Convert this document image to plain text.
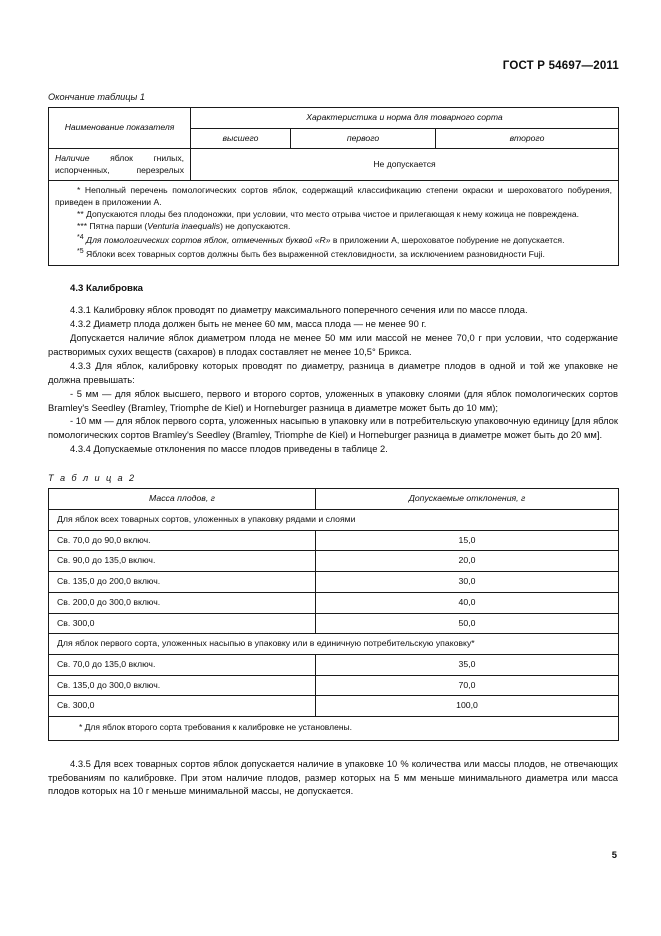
ГОСТ Р 54697—2011
Окончание таблицы 1
Наименование показателя	Характеристика и норма для товарного сорта		
	высшего	первого	второго
Наличие яблок гнилых, испорченных, перезрелых	Не допускается		

* Неполный перечень помологических сортов яблок, содержащий классификацию степени окраски и шероховатого побурения, приведен в приложении А.

** Допускаются плоды без плодоножки, при условии, что место отрыва чистое и прилегающая к нему кожица не повреждена.

*** Пятна парши (Venturia inaequalis) не допускаются.

$^{*4}$ Для помологических сортов яблок, отмеченных буквой «R» в приложении А, шероховатое побурение не допускается.

$^{*5}$ Яблоки всех товарных сортов должны быть без выраженной стекловидности, за исключением разновидности Fuji.			

4.3 Калибровка

4.3.1 Калибровку яблок проводят по диаметру максимального поперечного сечения или по массе плода.

4.3.2 Диаметр плода должен быть не менее 60 мм, масса плода — не менее 90 г.

Допускается наличие яблок диаметром плода не менее 50 мм или массой не менее 70,0 г при условии, что содержание растворимых сухих веществ (сахаров) в плодах составляет не менее 10,5° Брикса.

4.3.3 Для яблок, калибровку которых проводят по диаметру, разница в диаметре плодов в одной и той же упаковке не должна превышать:

- 5 мм — для яблок высшего, первого и второго сортов, уложенных в упаковку слоями (для яблок помологических сортов Bramley's Seedley (Bramley, Triomphe de Kiel) и Horneburger разница в диаметре может быть до 10 мм);

- 10 мм — для яблок первого сорта, уложенных насыпью в упаковку или в потребительскую упаковочную единицу [для яблок помологических сортов Bramley's Seedley (Bramley, Triomphe de Kiel) и Horneburger разница в диаметре может быть до 20 мм].

4.3.4 Допускаемые отклонения по массе плодов приведены в таблице 2.

Т а б л и ц а 2
Масса плодов, г	Допускаемые отклонения, г
Для яблок всех товарных сортов, уложенных в упаковку рядами и слоями	
Св. 70,0 до 90,0 включ.	15,0
Св. 90,0 до 135,0 включ.	20,0
Св. 135,0 до 200,0 включ.	30,0
Св. 200,0 до 300,0 включ.	40,0
Св. 300,0	50,0
Для яблок первого сорта, уложенных насыпью в упаковку или в единичную потребительскую упаковку*	
Св. 70,0 до 135,0 включ.	35,0
Св. 135,0 до 300,0 включ.	70,0
Св. 300,0	100,0
* Для яблок второго сорта требования к калибровке не установлены.	

4.3.5 Для всех товарных сортов яблок допускается наличие в упаковке 10 % количества или массы плодов, не отвечающих требованиям по калибровке. При этом наличие плодов, размер которых на 5 мм меньше минимального диаметра или масса плодов которых на 10 г меньше минимальной массы, не допускается.

5
